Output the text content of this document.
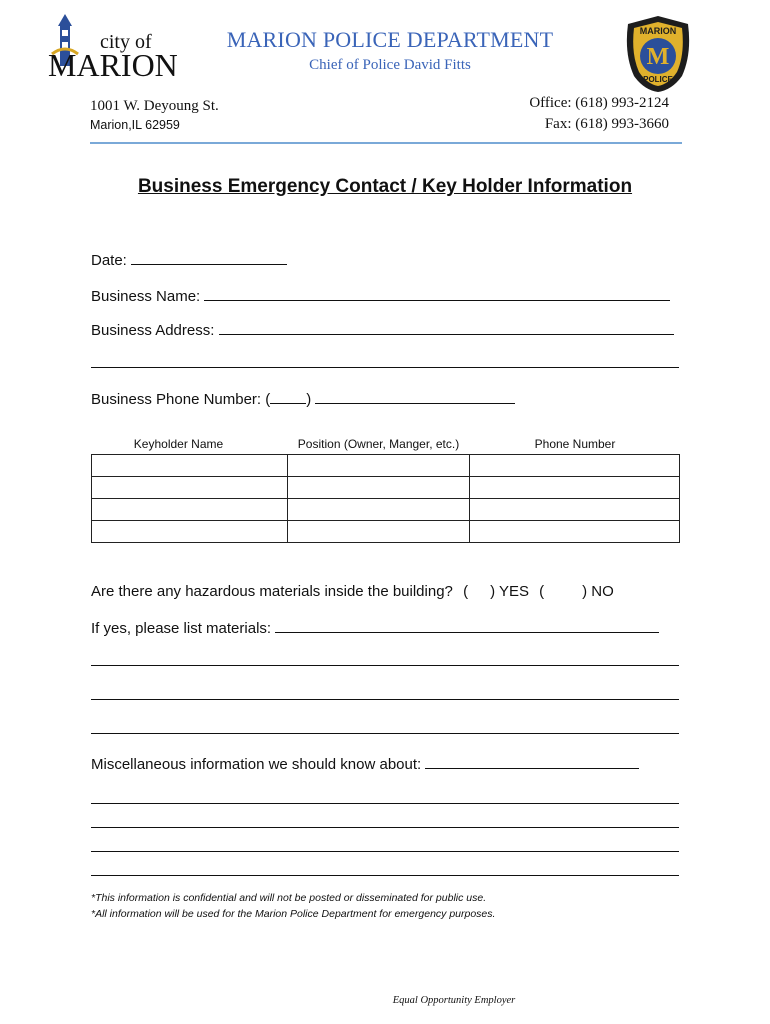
city of
MARION
MARION POLICE DEPARTMENT
Chief of Police David Fitts
MARION
M
POLICE
1001 W. Deyoung St.
Marion,IL 62959
Office: (618) 993-2124
Fax: (618) 993-3660
Business Emergency Contact / Key Holder Information
Date:
Business Name:
Business Address:
Business Phone Number: ( )
Keyholder Name	Position (Owner, Manger, etc.)	Phone Number

Are there any hazardous materials inside the building? ( ) YES (	) NO
If yes, please list materials:
Miscellaneous information we should know about:
*This information is confidential and will not be posted or disseminated for public use.
*All information will be used for the Marion Police Department for emergency purposes.
Equal Opportunity Employer
